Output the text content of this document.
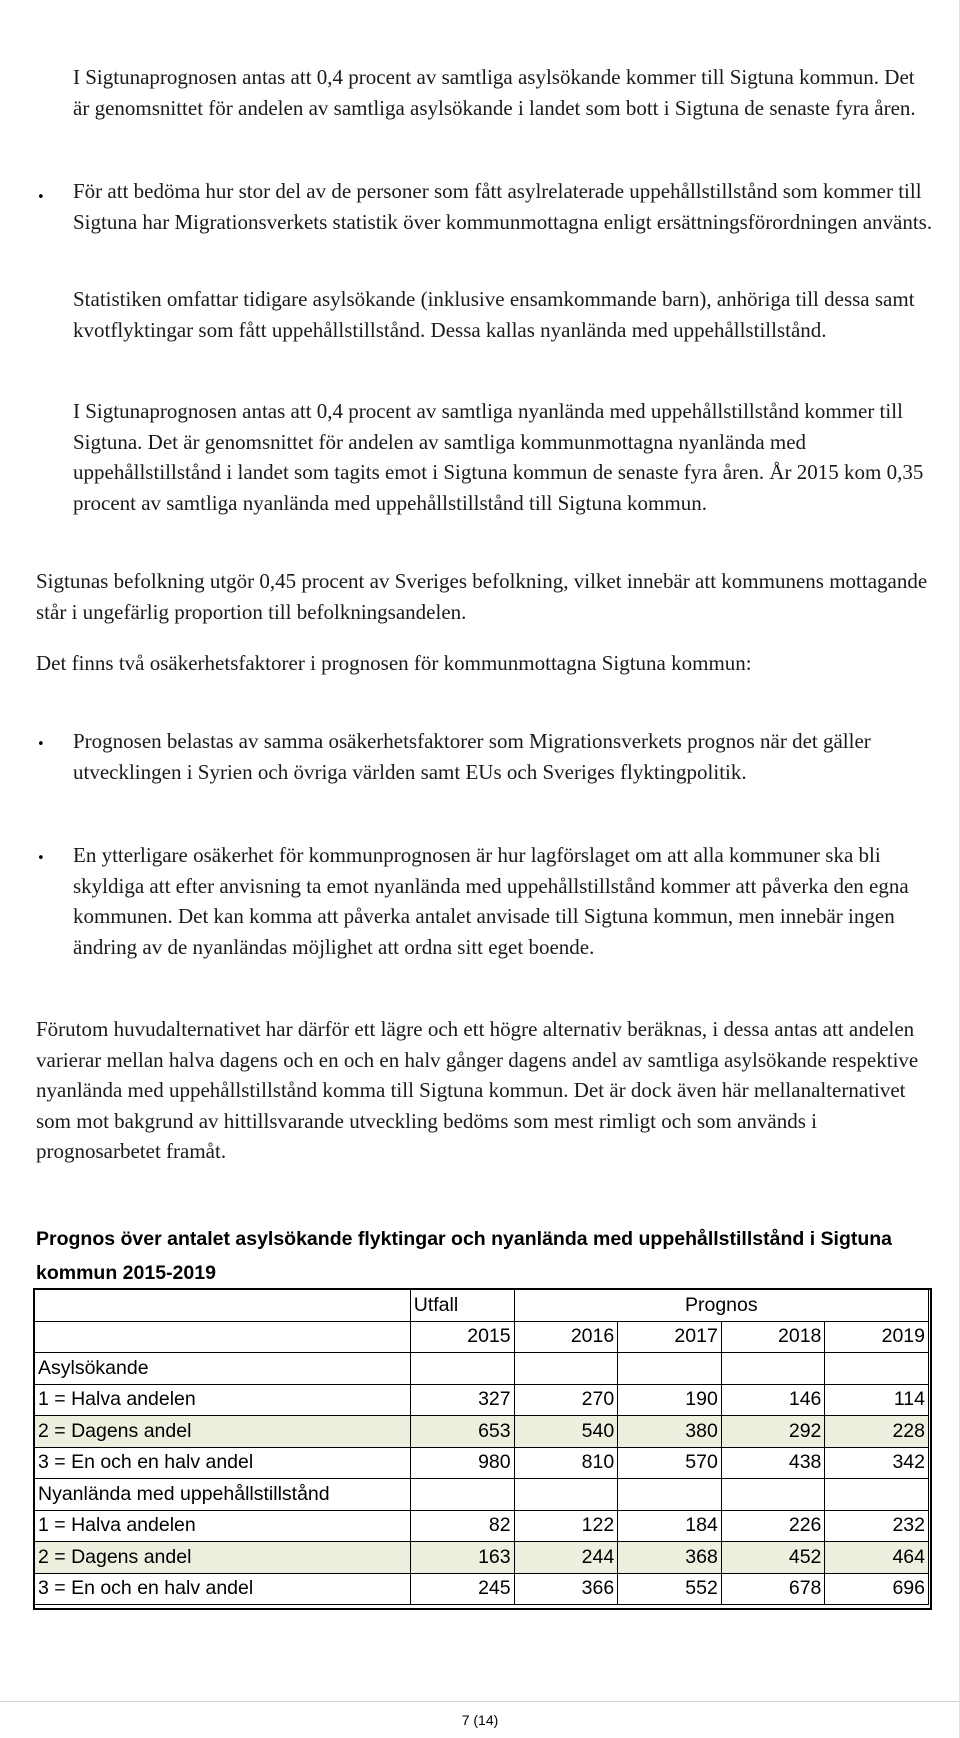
I Sigtunaprognosen antas att 0,4 procent av samtliga asylsökande kommer till Sigtuna kommun. Det är genomsnittet för andelen av samtliga asylsökande i landet som bott i Sigtuna de senaste fyra åren.

• För att bedöma hur stor del av de personer som fått asylrelaterade uppehållstillstånd som kommer till Sigtuna har Migrationsverkets statistik över kommunmottagna enligt ersättningsförordningen använts.

Statistiken omfattar tidigare asylsökande (inklusive ensamkommande barn), anhöriga till dessa samt kvotflyktingar som fått uppehållstillstånd. Dessa kallas nyanlända med uppehållstillstånd.

I Sigtunaprognosen antas att 0,4 procent av samtliga nyanlända med uppehållstillstånd kommer till Sigtuna. Det är genomsnittet för andelen av samtliga kommunmottagna nyanlända med uppehållstillstånd i landet som tagits emot i Sigtuna kommun de senaste fyra åren. År 2015 kom 0,35 procent av samtliga nyanlända med uppehållstillstånd till Sigtuna kommun.

Sigtunas befolkning utgör 0,45 procent av Sveriges befolkning, vilket innebär att kommunens mottagande står i ungefärlig proportion till befolkningsandelen.

Det finns två osäkerhetsfaktorer i prognosen för kommunmottagna Sigtuna kommun:

• Prognosen belastas av samma osäkerhetsfaktorer som Migrationsverkets prognos när det gäller utvecklingen i Syrien och övriga världen samt EUs och Sveriges flyktingpolitik.

• En ytterligare osäkerhet för kommunprognosen är hur lagförslaget om att alla kommuner ska bli skyldiga att efter anvisning ta emot nyanlända med uppehållstillstånd kommer att påverka den egna kommunen. Det kan komma att påverka antalet anvisade till Sigtuna kommun, men innebär ingen ändring av de nyanländas möjlighet att ordna sitt eget boende.

Förutom huvudalternativet har därför ett lägre och ett högre alternativ beräknas, i dessa antas att andelen varierar mellan halva dagens och en och en halv gånger dagens andel av samtliga asylsökande respektive nyanlända med uppehållstillstånd komma till Sigtuna kommun. Det är dock även här mellanalternativet som mot bakgrund av hittillsvarande utveckling bedöms som mest rimligt och som används i prognosarbetet framåt.

Prognos över antalet asylsökande flyktingar och nyanlända med uppehållstillstånd i Sigtuna kommun 2015-2019
	Utfall	Prognos			
	2015	2016	2017	2018	2019
Asylsökande					
1 = Halva andelen	327	270	190	146	114
2 = Dagens andel	653	540	380	292	228
3 = En och en halv andel	980	810	570	438	342
Nyanlända med uppehållstillstånd					
1 = Halva andelen	82	122	184	226	232
2 = Dagens andel	163	244	368	452	464
3 = En och en halv andel	245	366	552	678	696
7 (14)
